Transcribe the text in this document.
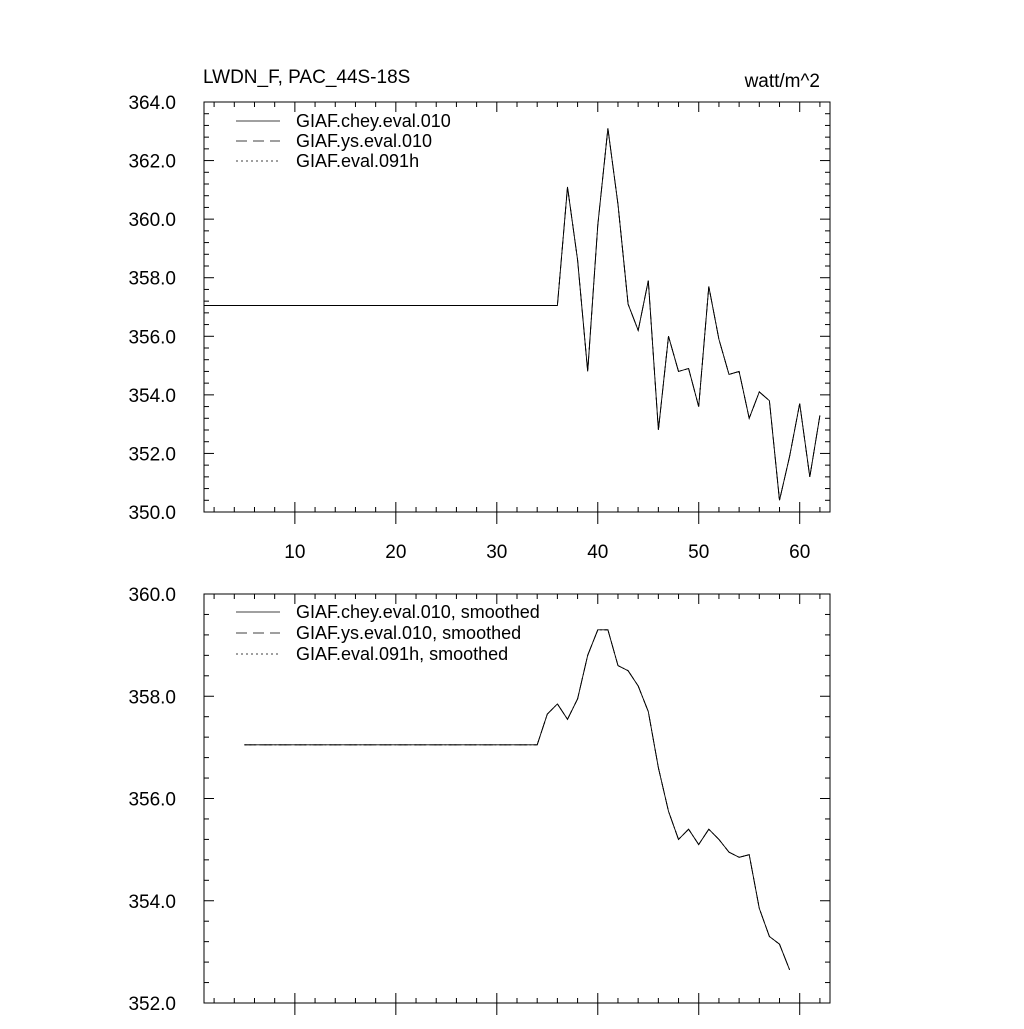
LWDN_F, PAC_44S-18S	watt/m^2
350.0
352.0
354.0
356.0
358.0
360.0
362.0
364.0
10	20	30	40	50	60
GIAF.chey.eval.010
GIAF.ys.eval.010
GIAF.eval.091h
352.0
354.0
356.0
358.0
360.0
GIAF.chey.eval.010, smoothed
GIAF.ys.eval.010, smoothed
GIAF.eval.091h, smoothed
